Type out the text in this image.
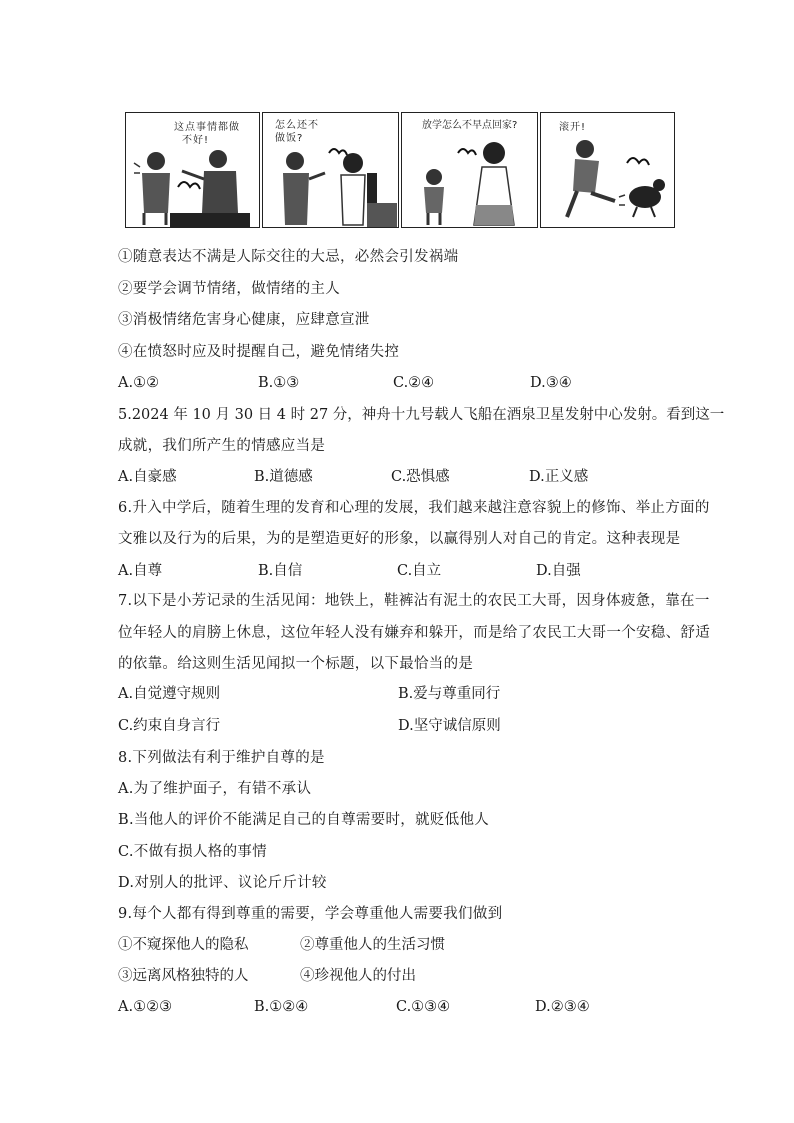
这点事情都做
不好!
怎么还不
做饭?
放学怎么不早点回家?	滚开!
①随意表达不满是人际交往的大忌，必然会引发祸端
②要学会调节情绪，做情绪的主人
③消极情绪危害身心健康，应肆意宣泄
④在愤怒时应及时提醒自己，避免情绪失控
A.①②	B.①③	C.②④	D.③④
5.2024 年 10 月 30 日 4 时 27 分，神舟十九号载人飞船在酒泉卫星发射中心发射。看到这一
成就，我们所产生的情感应当是
A.自豪感	B.道德感	C.恐惧感	D.正义感
6.升入中学后，随着生理的发育和心理的发展，我们越来越注意容貌上的修饰、举止方面的
文雅以及行为的后果，为的是塑造更好的形象，以赢得别人对自己的肯定。这种表现是
A.自尊	B.自信	C.自立	D.自强
7.以下是小芳记录的生活见闻：地铁上，鞋裤沾有泥土的农民工大哥，因身体疲惫，靠在一
位年轻人的肩膀上休息，这位年轻人没有嫌弃和躲开，而是给了农民工大哥一个安稳、舒适
的依靠。给这则生活见闻拟一个标题，以下最恰当的是
A.自觉遵守规则	B.爱与尊重同行
C.约束自身言行	D.坚守诚信原则
8.下列做法有利于维护自尊的是
A.为了维护面子，有错不承认
B.当他人的评价不能满足自己的自尊需要时，就贬低他人
C.不做有损人格的事情
D.对别人的批评、议论斤斤计较
9.每个人都有得到尊重的需要，学会尊重他人需要我们做到
①不窥探他人的隐私	②尊重他人的生活习惯
③远离风格独特的人	④珍视他人的付出
A.①②③	B.①②④	C.①③④	D.②③④
